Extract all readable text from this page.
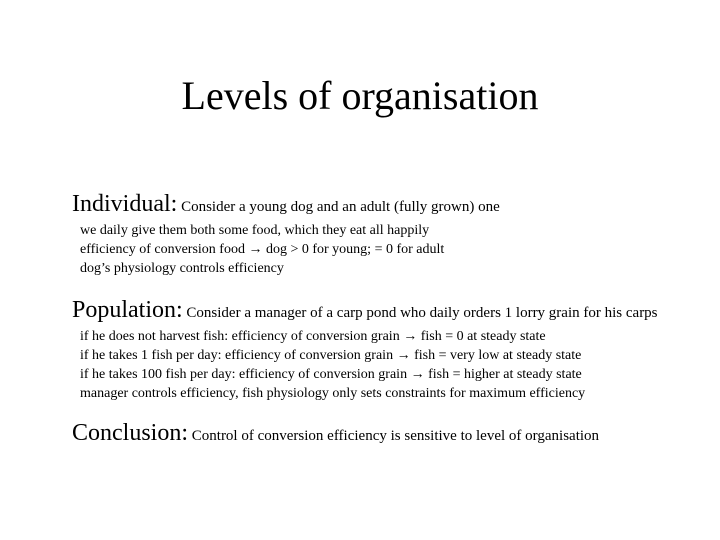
Levels of organisation
Individual: Consider a young dog and an adult (fully grown) one
we daily give them both some food, which they eat all happily
efficiency of conversion food → dog > 0 for young; = 0 for adult
dog’s physiology controls efficiency
Population: Consider a manager of a carp pond who daily orders 1 lorry grain for his carps
if he does not harvest fish: efficiency of conversion grain → fish = 0 at steady state
if he takes 1 fish per day: efficiency of conversion grain → fish = very low at steady state
if he takes 100 fish per day: efficiency of conversion grain → fish = higher at steady state
manager controls efficiency, fish physiology only sets constraints for maximum efficiency
Conclusion: Control of conversion efficiency is sensitive to level of organisation
